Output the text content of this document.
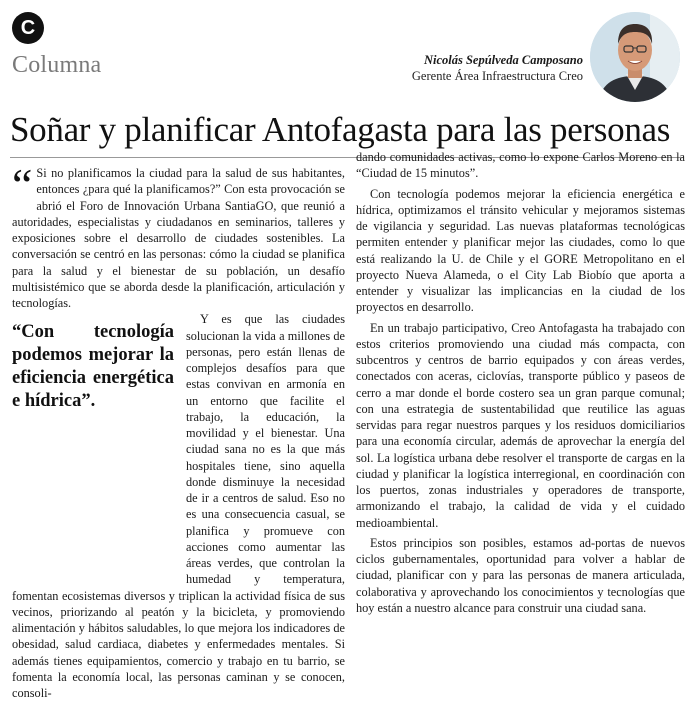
C
Columna	Nicolás Sepúlveda Camposano
Gerente Área Infraestructura Creo
Soñar y planificar Antofagasta para las personas

“ Si no planificamos la ciudad para la salud de sus habitantes, entonces ¿para qué la planificamos?” Con esta provocación se abrió el Foro de Innovación Urbana SantiaGO, que reunió a autoridades, especialistas y ciudadanos en seminarios, talleres y exposiciones sobre el desarrollo de ciudades sostenibles. La conversación se centró en las personas: cómo la ciudad se planifica para la salud y el bienestar de su población, un desafío multisistémico que se aborda desde la planificación, articulación y tecnologías.

“Con tecnología podemos mejorar la eficiencia energética e hídrica”.

Y es que las ciudades solucionan la vida a millones de personas, pero están llenas de complejos desafíos para que estas convivan en armonía en un entorno que facilite el trabajo, la educación, la movilidad y el bienestar. Una ciudad sana no es la que más hospitales tiene, sino aquella donde disminuye la necesidad de ir a centros de salud. Eso no es una consecuencia casual, se planifica y promueve con acciones como aumentar las áreas verdes, que controlan la humedad y temperatura, fomentan ecosistemas diversos y triplican la actividad física de sus vecinos, priorizando al peatón y la bicicleta, y promoviendo alimentación y hábitos saludables, lo que mejora los indicadores de obesidad, salud cardiaca, diabetes y enfermedades mentales. Si además tienes equipamientos, comercio y trabajo en tu barrio, se fomenta la economía local, las personas caminan y se conocen, consoli-

dando comunidades activas, como lo expone Carlos Moreno en la “Ciudad de 15 minutos”.

Con tecnología podemos mejorar la eficiencia energética e hídrica, optimizamos el tránsito vehicular y mejoramos sistemas de vigilancia y seguridad. Las nuevas plataformas tecnológicas permiten entender y planificar mejor las ciudades, como lo que está realizando la U. de Chile y el GORE Metropolitano en el proyecto Nueva Alameda, o el City Lab Biobío que aporta a entender y visualizar las implicancias en la ciudad de los proyectos en desarrollo.

En un trabajo participativo, Creo Antofagasta ha trabajado con estos criterios promoviendo una ciudad más compacta, con subcentros y centros de barrio equipados y con áreas verdes, conectados con aceras, ciclovías, transporte público y paseos de cerro a mar donde el borde costero sea un gran parque comunal; con una estrategia de sustentabilidad que reutilice las aguas servidas para regar nuestros parques y los residuos domiciliarios para una economía circular, además de aprovechar la energía del sol. La logística urbana debe resolver el transporte de cargas en la ciudad y planificar la logística interregional, en coordinación con los puertos, zonas industriales y operadores de transporte, armonizando el trabajo, la calidad de vida y el cuidado medioambiental.

Estos principios son posibles, estamos ad-portas de nuevos ciclos gubernamentales, oportunidad para volver a hablar de ciudad, planificar con y para las personas de manera articulada, colaborativa y aprovechando los conocimientos y tecnologías que hoy están a nuestro alcance para construir una ciudad sana.
